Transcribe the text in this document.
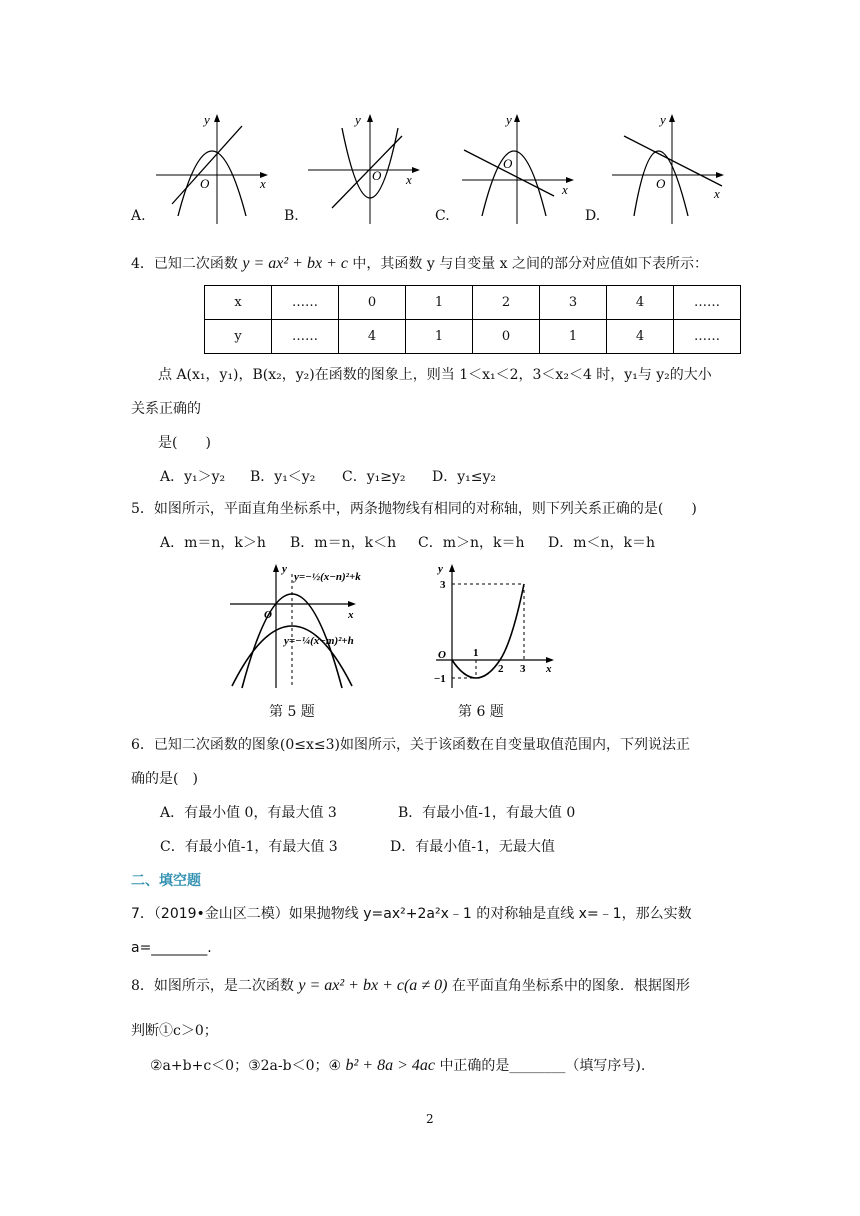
x
y
O
A.
x
y
O
B.
x
y
O
C.
x
y
O
D.
4．已知二次函数 y = ax² + bx + c 中，其函数 y 与自变量 x 之间的部分对应值如下表所示：
x	……	0	1	2	3	4	……
y	……	4	1	0	1	4	……
点 A(x₁，y₁)，B(x₂，y₂)在函数的图象上，则当 1＜x₁＜2，3＜x₂＜4 时，y₁与 y₂的大小
关系正确的
是(　　)
A．y₁＞y₂ B．y₁＜y₂ C．y₁≥y₂ D．y₁≤y₂
5．如图所示，平面直角坐标系中，两条抛物线有相同的对称轴，则下列关系正确的是(　　)
A．m＝n，k＞h B．m＝n，k＜h C．m＞n，k＝h D．m＜n，k＝h
y
x
O
y=−½(x−n)²+k
y=−¼(x−m)²+h
y
3
O
−1
1
2 3 x
第 5 题	第 6 题
6．已知二次函数的图象(0≤x≤3)如图所示，关于该函数在自变量取值范围内，下列说法正
确的是(　)
A．有最小值 0，有最大值 3	B．有最小值-1，有最大值 0
C．有最小值-1，有最大值 3	D．有最小值-1，无最大值
二、填空题
7．（2019•金山区二模）如果抛物线 y=ax²+2a²x﹣1 的对称轴是直线 x=﹣1，那么实数
a=________.
8．如图所示，是二次函数 y = ax² + bx + c(a ≠ 0) 在平面直角坐标系中的图象．根据图形
判断①c＞0；
②a+b+c＜0；③2a-b＜0；④ b² + 8a > 4ac 中正确的是________（填写序号).
2
